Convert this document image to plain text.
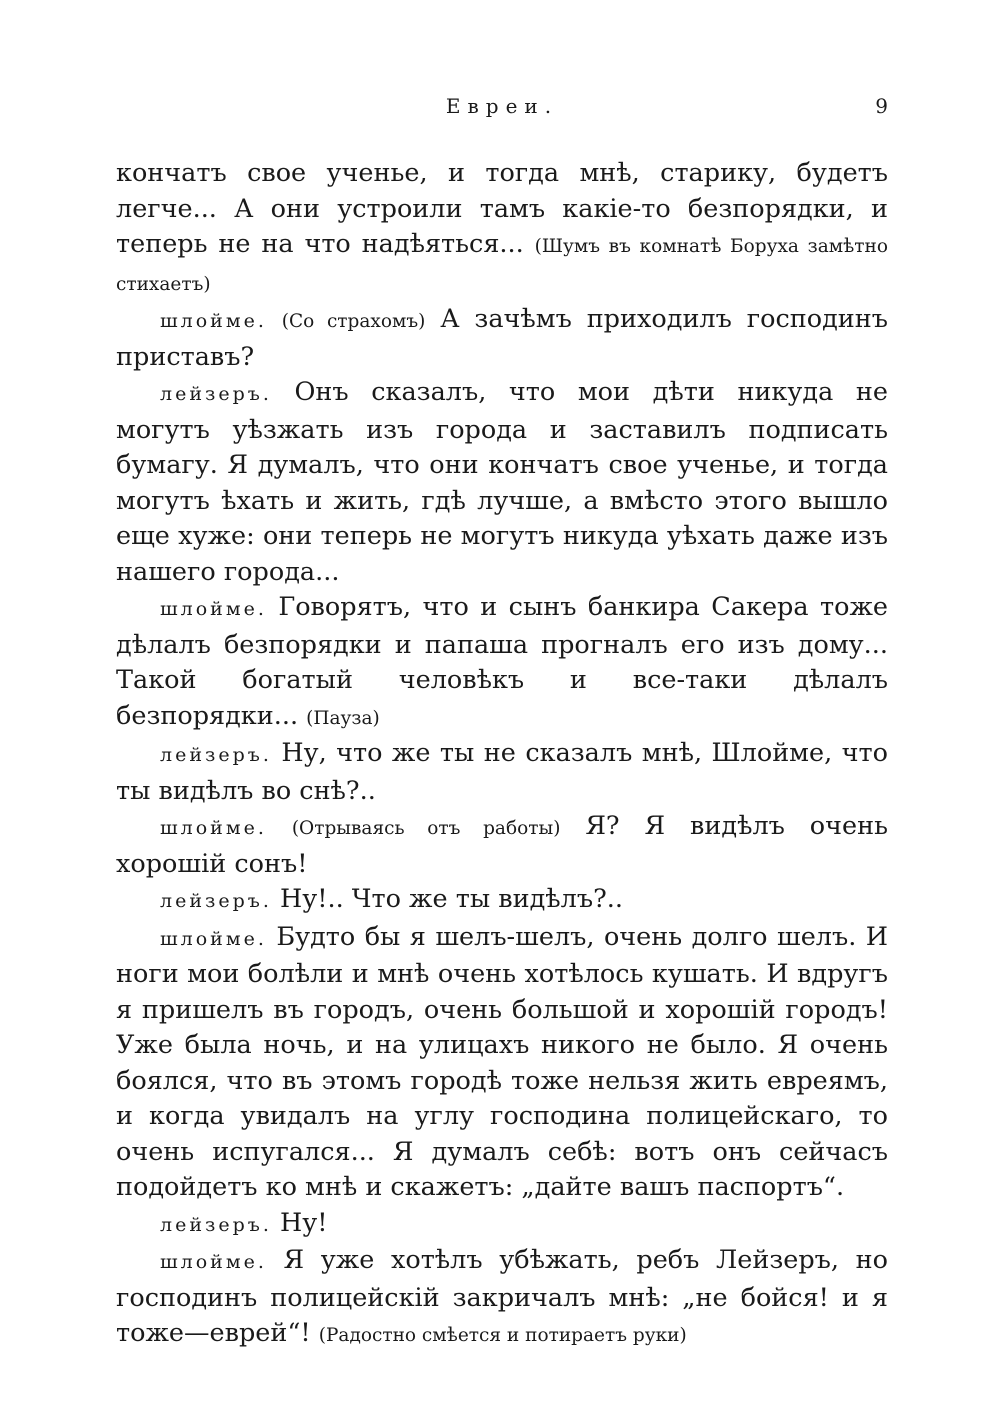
Евреи.	9

кончатъ свое ученье, и тогда мнѣ, старику, будетъ легче... А они устроили тамъ какіе-то безпорядки, и теперь не на что надѣяться... (Шумъ въ комнатѣ Боруха замѣтно стихаетъ)

шлойме. (Со страхомъ) А зачѣмъ приходилъ господинъ приставъ?

лейзеръ. Онъ сказалъ, что мои дѣти никуда не могутъ уѣзжать изъ города и заставилъ подписать бумагу. Я думалъ, что они кончатъ свое ученье, и тогда могутъ ѣхать и жить, гдѣ лучше, а вмѣсто этого вышло еще хуже: они теперь не могутъ никуда уѣхать даже изъ нашего города...

шлойме. Говорятъ, что и сынъ банкира Сакера тоже дѣлалъ безпорядки и папаша прогналъ его изъ дому... Такой богатый человѣкъ и все-таки дѣлалъ безпорядки... (Пауза)

лейзеръ. Ну, что же ты не сказалъ мнѣ, Шлойме, что ты видѣлъ во снѣ?..

шлойме. (Отрываясь отъ работы) Я? Я видѣлъ очень хорошій сонъ!

лейзеръ. Ну!.. Что же ты видѣлъ?..

шлойме. Будто бы я шелъ-шелъ, очень долго шелъ. И ноги мои болѣли и мнѣ очень хотѣлось кушать. И вдругъ я пришелъ въ городъ, очень большой и хорошій городъ! Уже была ночь, и на улицахъ никого не было. Я очень боялся, что въ этомъ городѣ тоже нельзя жить евреямъ, и когда увидалъ на углу господина полицейскаго, то очень испугался... Я думалъ себѣ: вотъ онъ сейчасъ подойдетъ ко мнѣ и скажетъ: „дайте вашъ паспортъ“.

лейзеръ. Ну!

шлойме. Я уже хотѣлъ убѣжать, ребъ Лейзеръ, но господинъ полицейскій закричалъ мнѣ: „не бойся! и я тоже—еврей“! (Радостно смѣется и потираетъ руки)
